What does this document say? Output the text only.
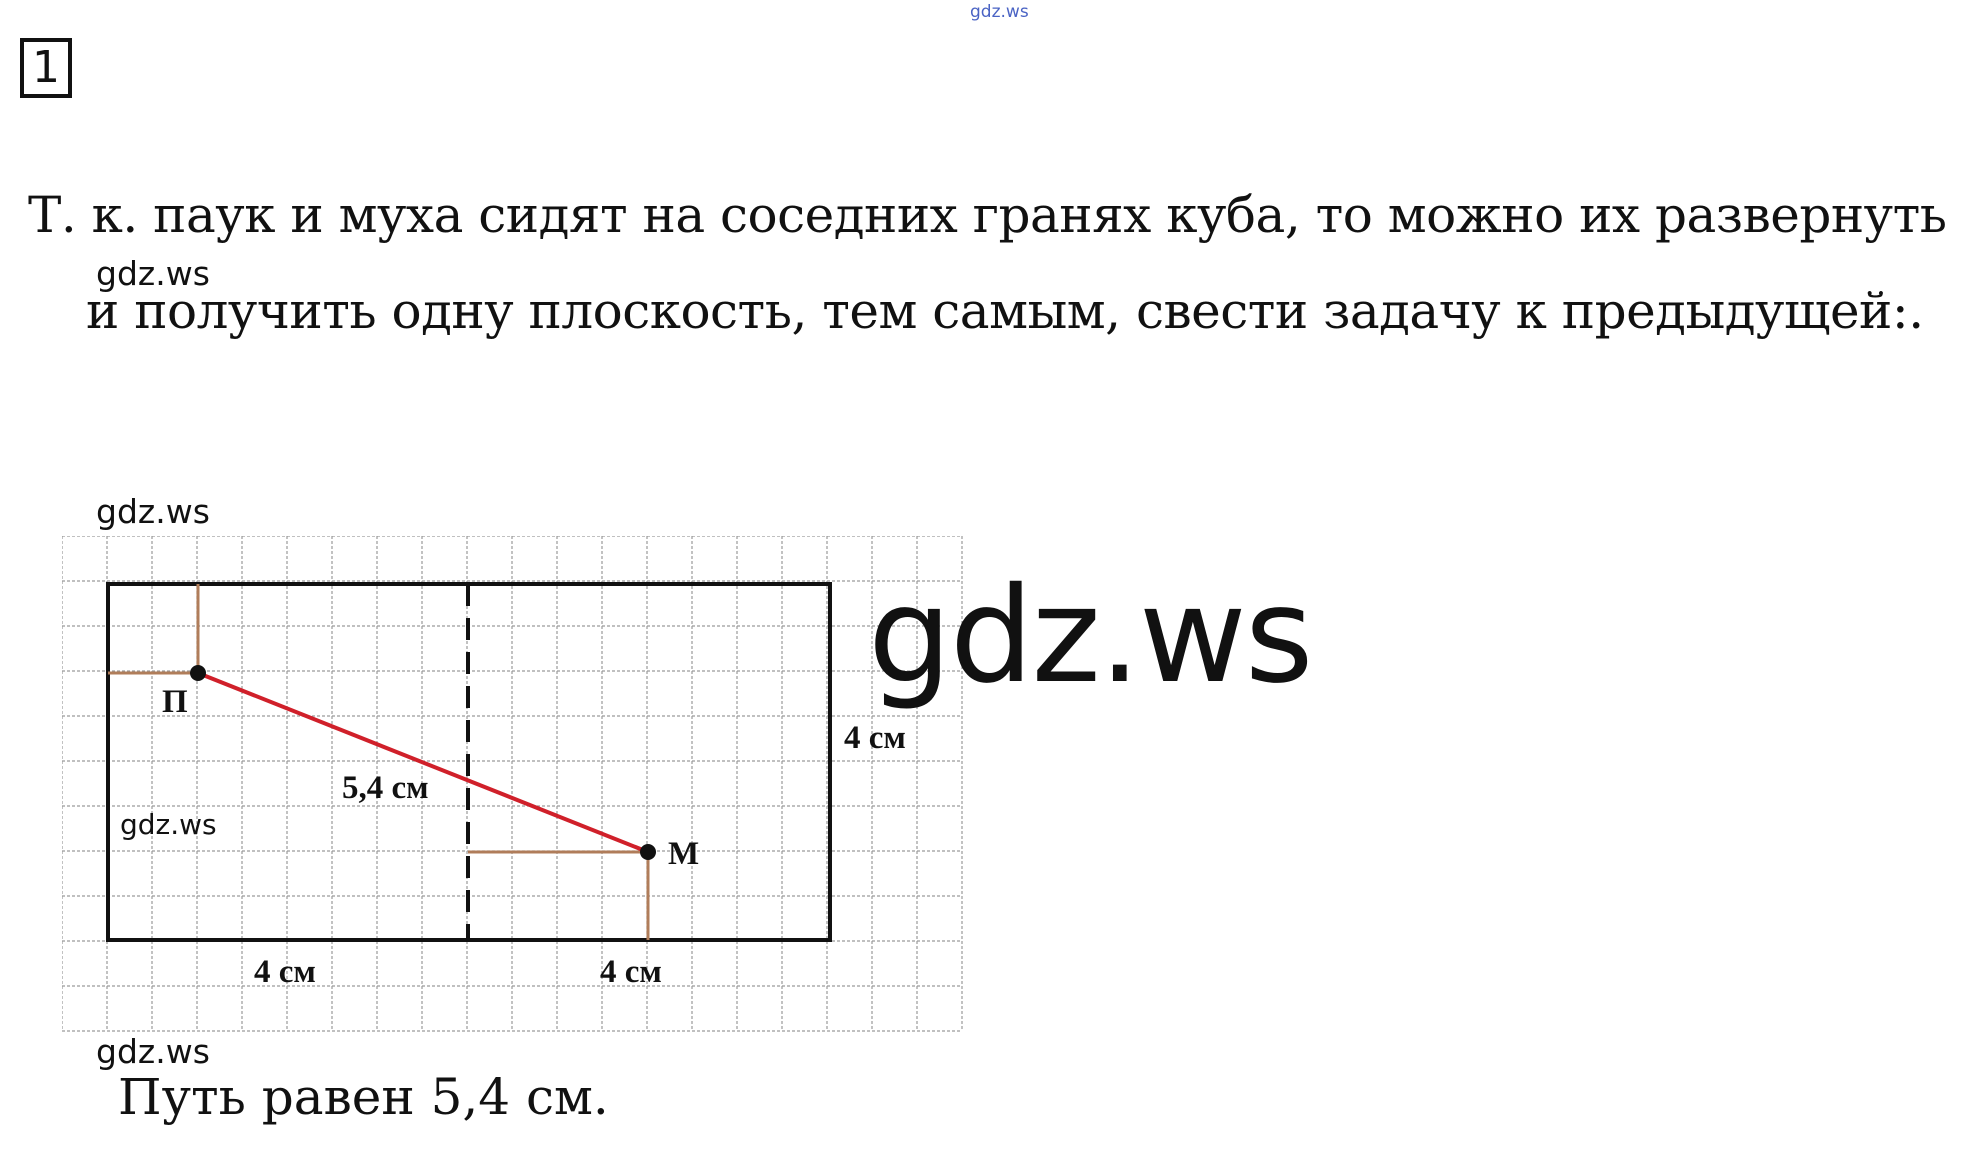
gdz.ws
1
Т. к. паук и муха сидят на соседних гранях куба, то можно их развернуть
gdz.ws
и получить одну плоскость, тем самым, свести задачу к предыдущей:.
gdz.ws
П
М
5,4 см
4 см
4 см	4 см
gdz.ws
gdz.ws
gdz.ws
Путь равен 5,4 см.
